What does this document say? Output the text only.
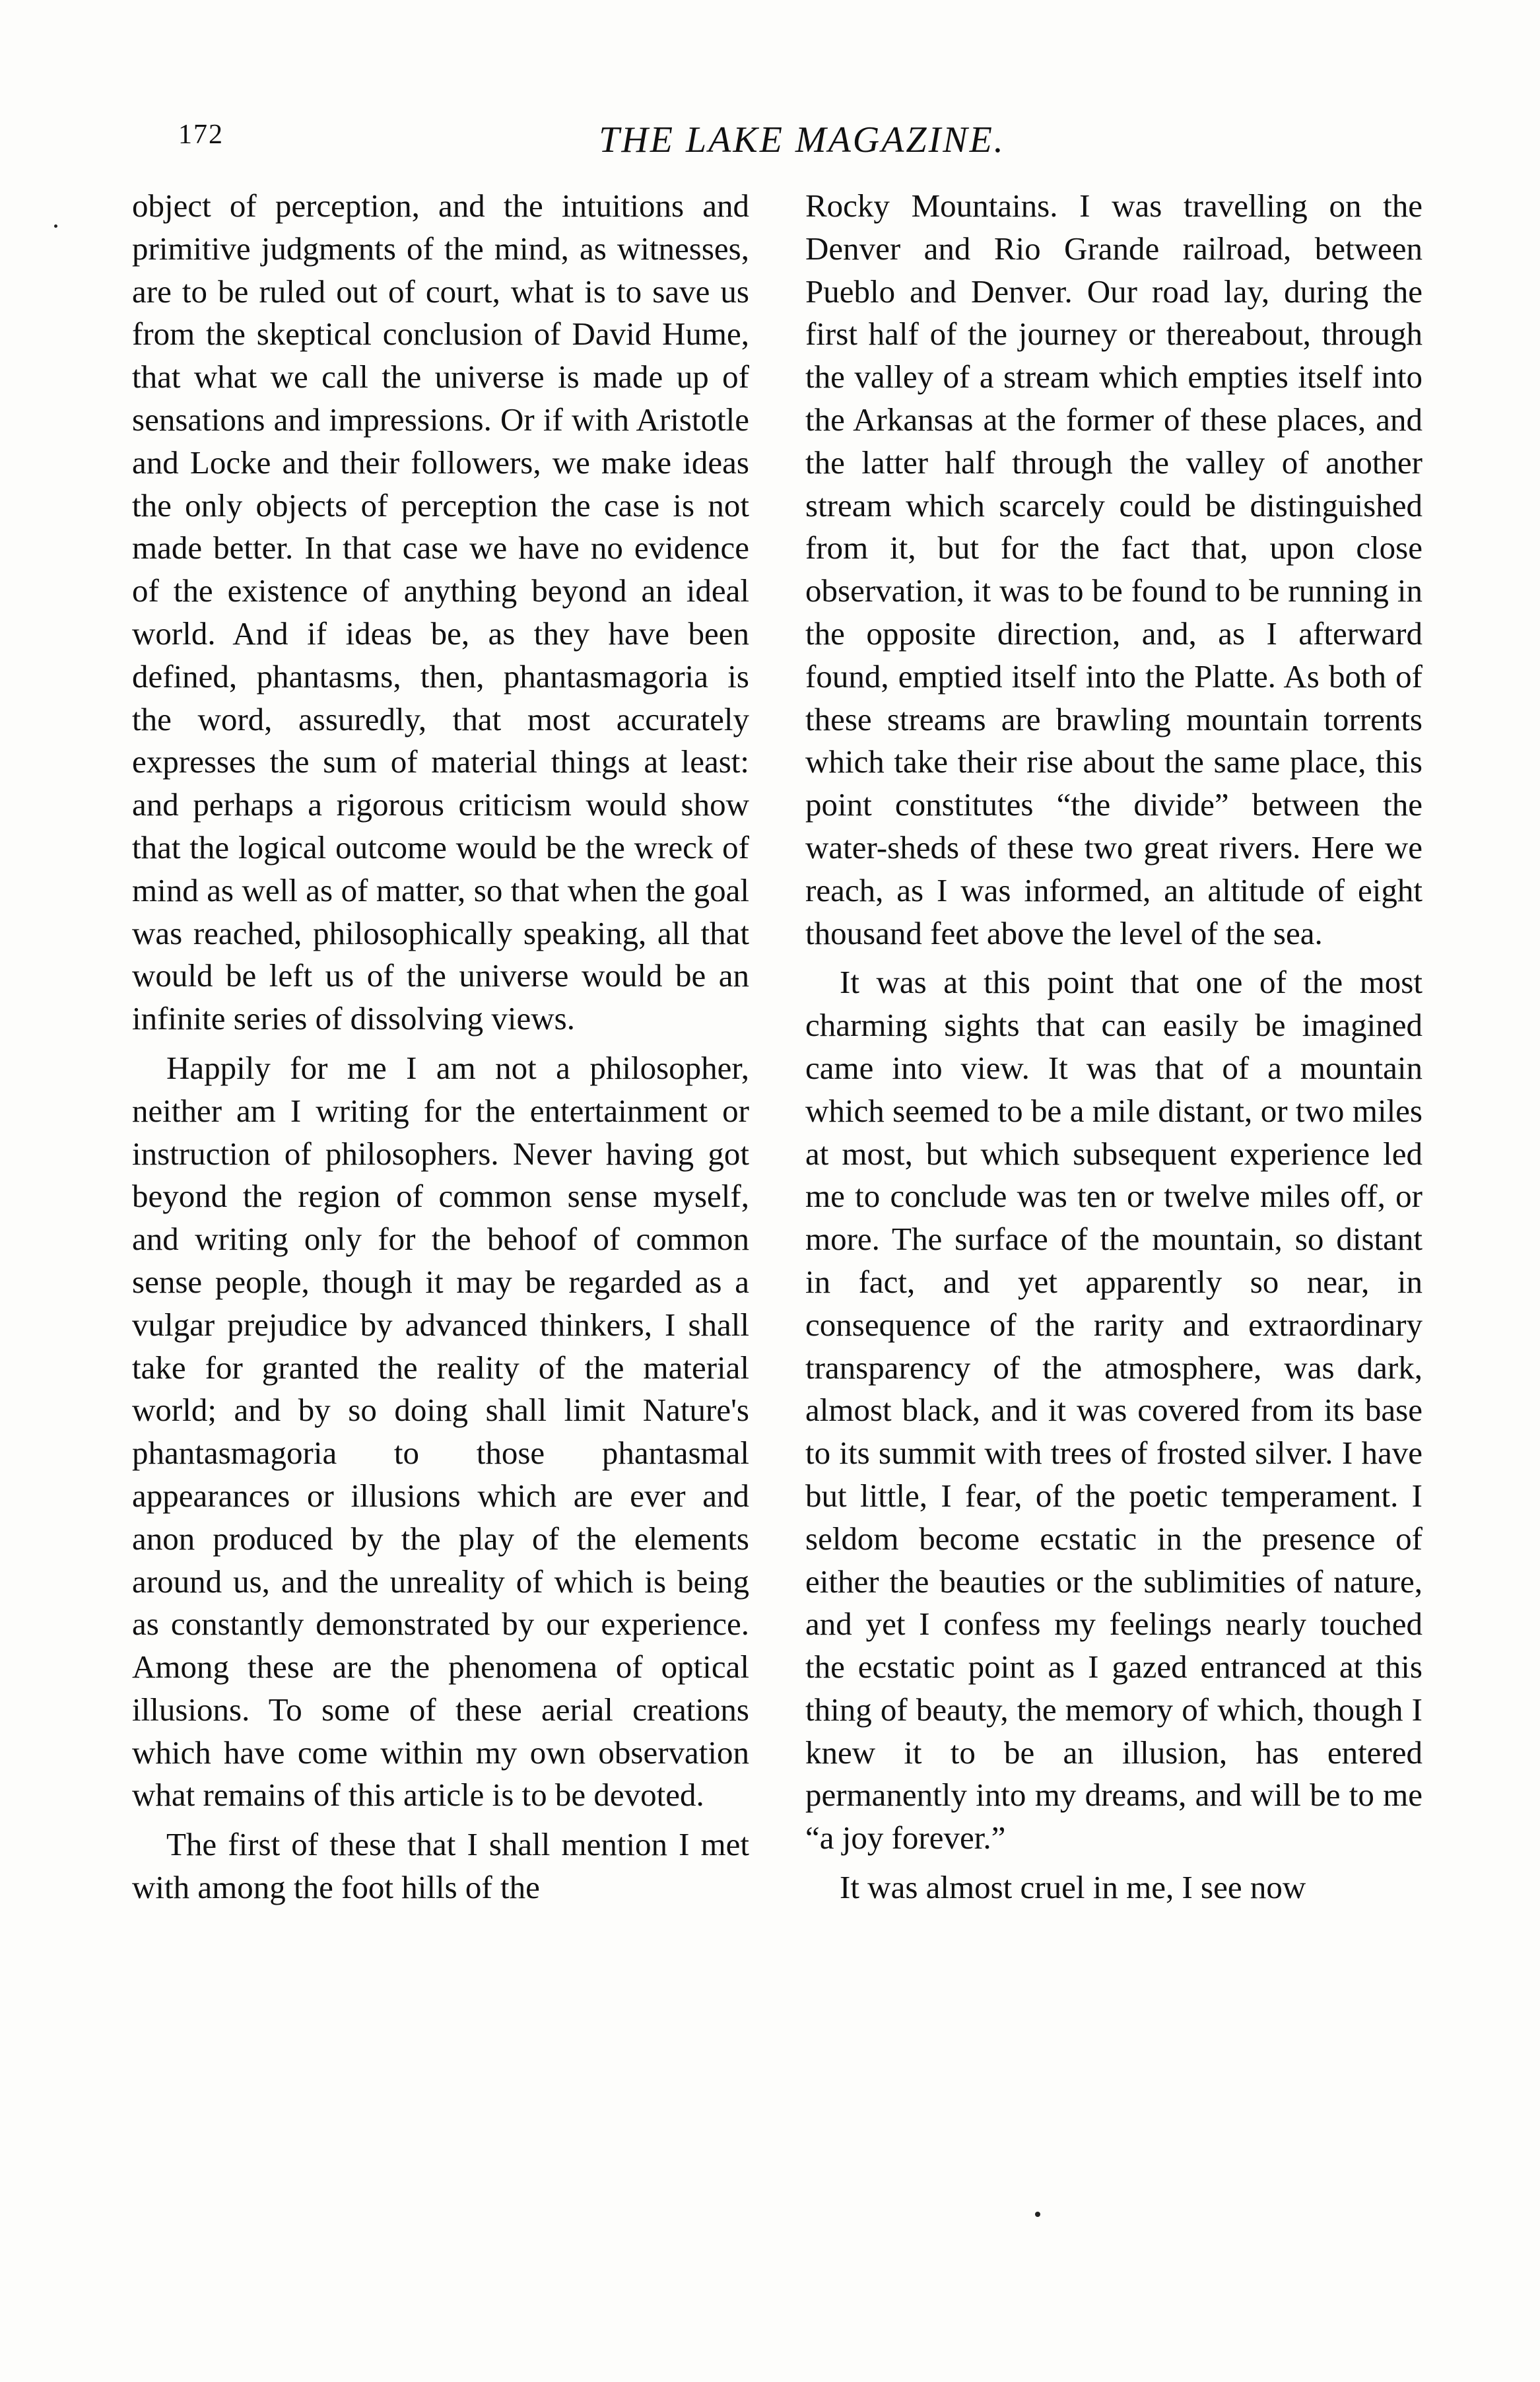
172	THE LAKE MAGAZINE.

object of perception, and the intuitions and primitive judgments of the mind, as witnesses, are to be ruled out of court, what is to save us from the skeptical conclusion of David Hume, that what we call the universe is made up of sensations and impressions. Or if with Aristotle and Locke and their followers, we make ideas the only objects of perception the case is not made better. In that case we have no evidence of the existence of anything beyond an ideal world. And if ideas be, as they have been defined, phantasms, then, phantasmagoria is the word, assuredly, that most accurately expresses the sum of material things at least: and perhaps a rigorous criticism would show that the logical outcome would be the wreck of mind as well as of matter, so that when the goal was reached, philosophically speaking, all that would be left us of the universe would be an infinite series of dissolving views.

Happily for me I am not a philosopher, neither am I writing for the entertainment or instruction of philosophers. Never having got beyond the region of common sense myself, and writing only for the behoof of common sense people, though it may be regarded as a vulgar prejudice by advanced thinkers, I shall take for granted the reality of the material world; and by so doing shall limit Nature's phantasmagoria to those phantasmal appearances or illusions which are ever and anon produced by the play of the elements around us, and the unreality of which is being as constantly demonstrated by our experience. Among these are the phenomena of optical illusions. To some of these aerial creations which have come within my own observation what remains of this article is to be devoted.

The first of these that I shall mention I met with among the foot hills of the

Rocky Mountains. I was travelling on the Denver and Rio Grande railroad, between Pueblo and Denver. Our road lay, during the first half of the journey or thereabout, through the valley of a stream which empties itself into the Arkansas at the former of these places, and the latter half through the valley of another stream which scarcely could be distinguished from it, but for the fact that, upon close observation, it was to be found to be running in the opposite direction, and, as I afterward found, emptied itself into the Platte. As both of these streams are brawling mountain torrents which take their rise about the same place, this point constitutes “the divide” between the water-sheds of these two great rivers. Here we reach, as I was informed, an altitude of eight thousand feet above the level of the sea.

It was at this point that one of the most charming sights that can easily be imagined came into view. It was that of a mountain which seemed to be a mile distant, or two miles at most, but which subsequent experience led me to conclude was ten or twelve miles off, or more. The surface of the mountain, so distant in fact, and yet apparently so near, in consequence of the rarity and extraordinary transparency of the atmosphere, was dark, almost black, and it was covered from its base to its summit with trees of frosted silver. I have but little, I fear, of the poetic temperament. I seldom become ecstatic in the presence of either the beauties or the sublimities of nature, and yet I confess my feelings nearly touched the ecstatic point as I gazed entranced at this thing of beauty, the memory of which, though I knew it to be an illusion, has entered permanently into my dreams, and will be to me “a joy forever.”

It was almost cruel in me, I see now
